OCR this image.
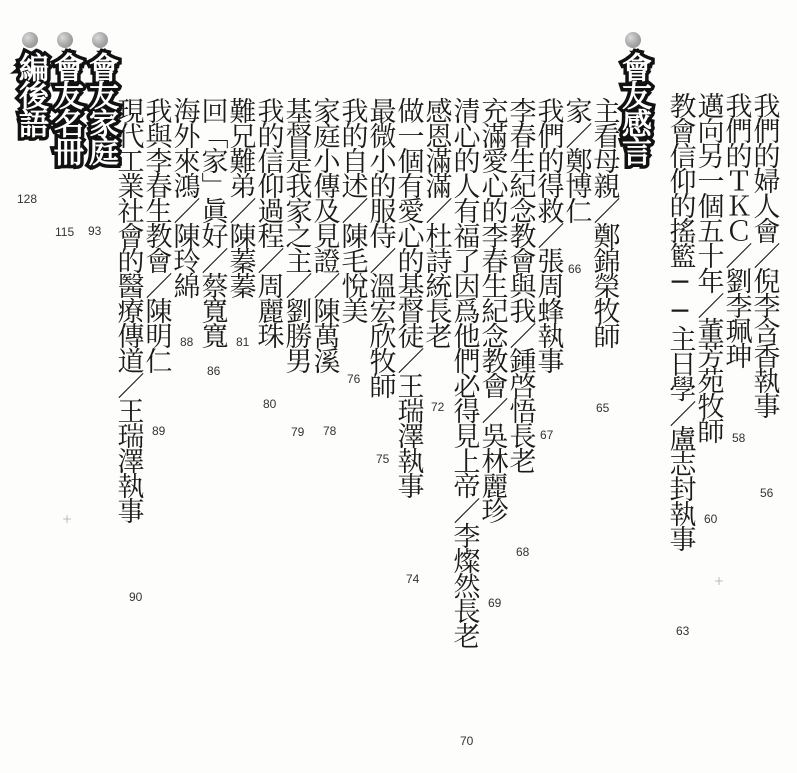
會友感言
會友家庭
會友名冊
編後語
93
115
128	我們的婦人會／倪李含香執事
56
我們的ＴＫＣ／劉李珮珅
58
邁向另一個五十年／董芳苑牧師
60
教會信仰的搖籃──主日學／盧志封執事
63
主看母親／鄭錦榮牧師
65
家／鄭博仁
66
我們的得救／張周蜂執事
67
李春生紀念教會與我／鍾啓悟長老
68
充滿愛心的李春生紀念教會／吳林麗珍
69
清心的人有福了因爲他們必得見上帝／李燦然長老
70
感恩滿滿／杜詩統長老
72
做一個有愛心的基督徒／王瑞澤執事
74
最微小的服侍／溫宏欣牧師
75
我的自述／陳毛悅美
76
家庭小傳及見證／陳萬溪
78
基督是我家之主／劉勝男
79
我的信仰過程／周麗珠
80
難兄難弟／陳蓁蓁
81
回「家」眞好／蔡寬寬
86
海外來鴻／陳玲綿
88
我與李春生教會／陳明仁
89
現代工業社會的醫療傳道／王瑞澤執事
90
+
+
